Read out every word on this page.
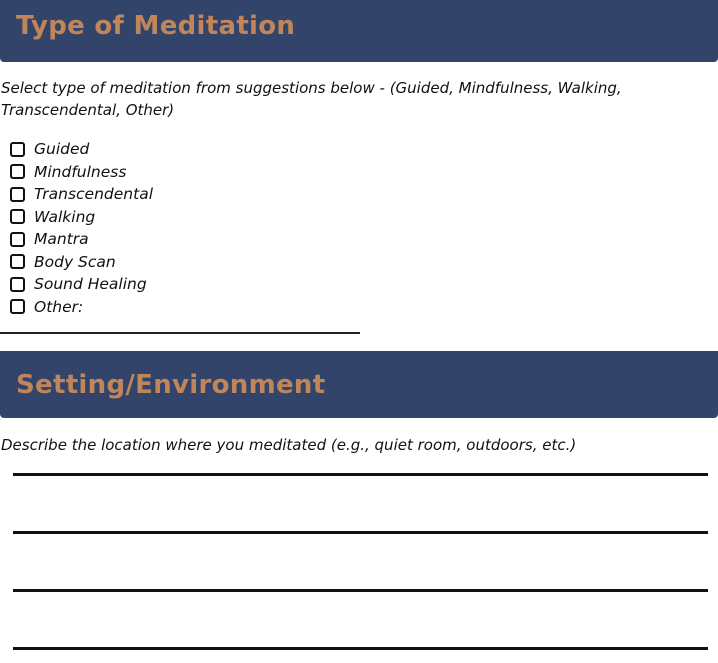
Type of Meditation

Select type of meditation from suggestions below - (Guided, Mindfulness, Walking, Transcendental, Other)

Guided
Mindfulness
Transcendental
Walking
Mantra
Body Scan
Sound Healing
Other:
Setting/Environment

Describe the location where you meditated (e.g., quiet room, outdoors, etc.)
